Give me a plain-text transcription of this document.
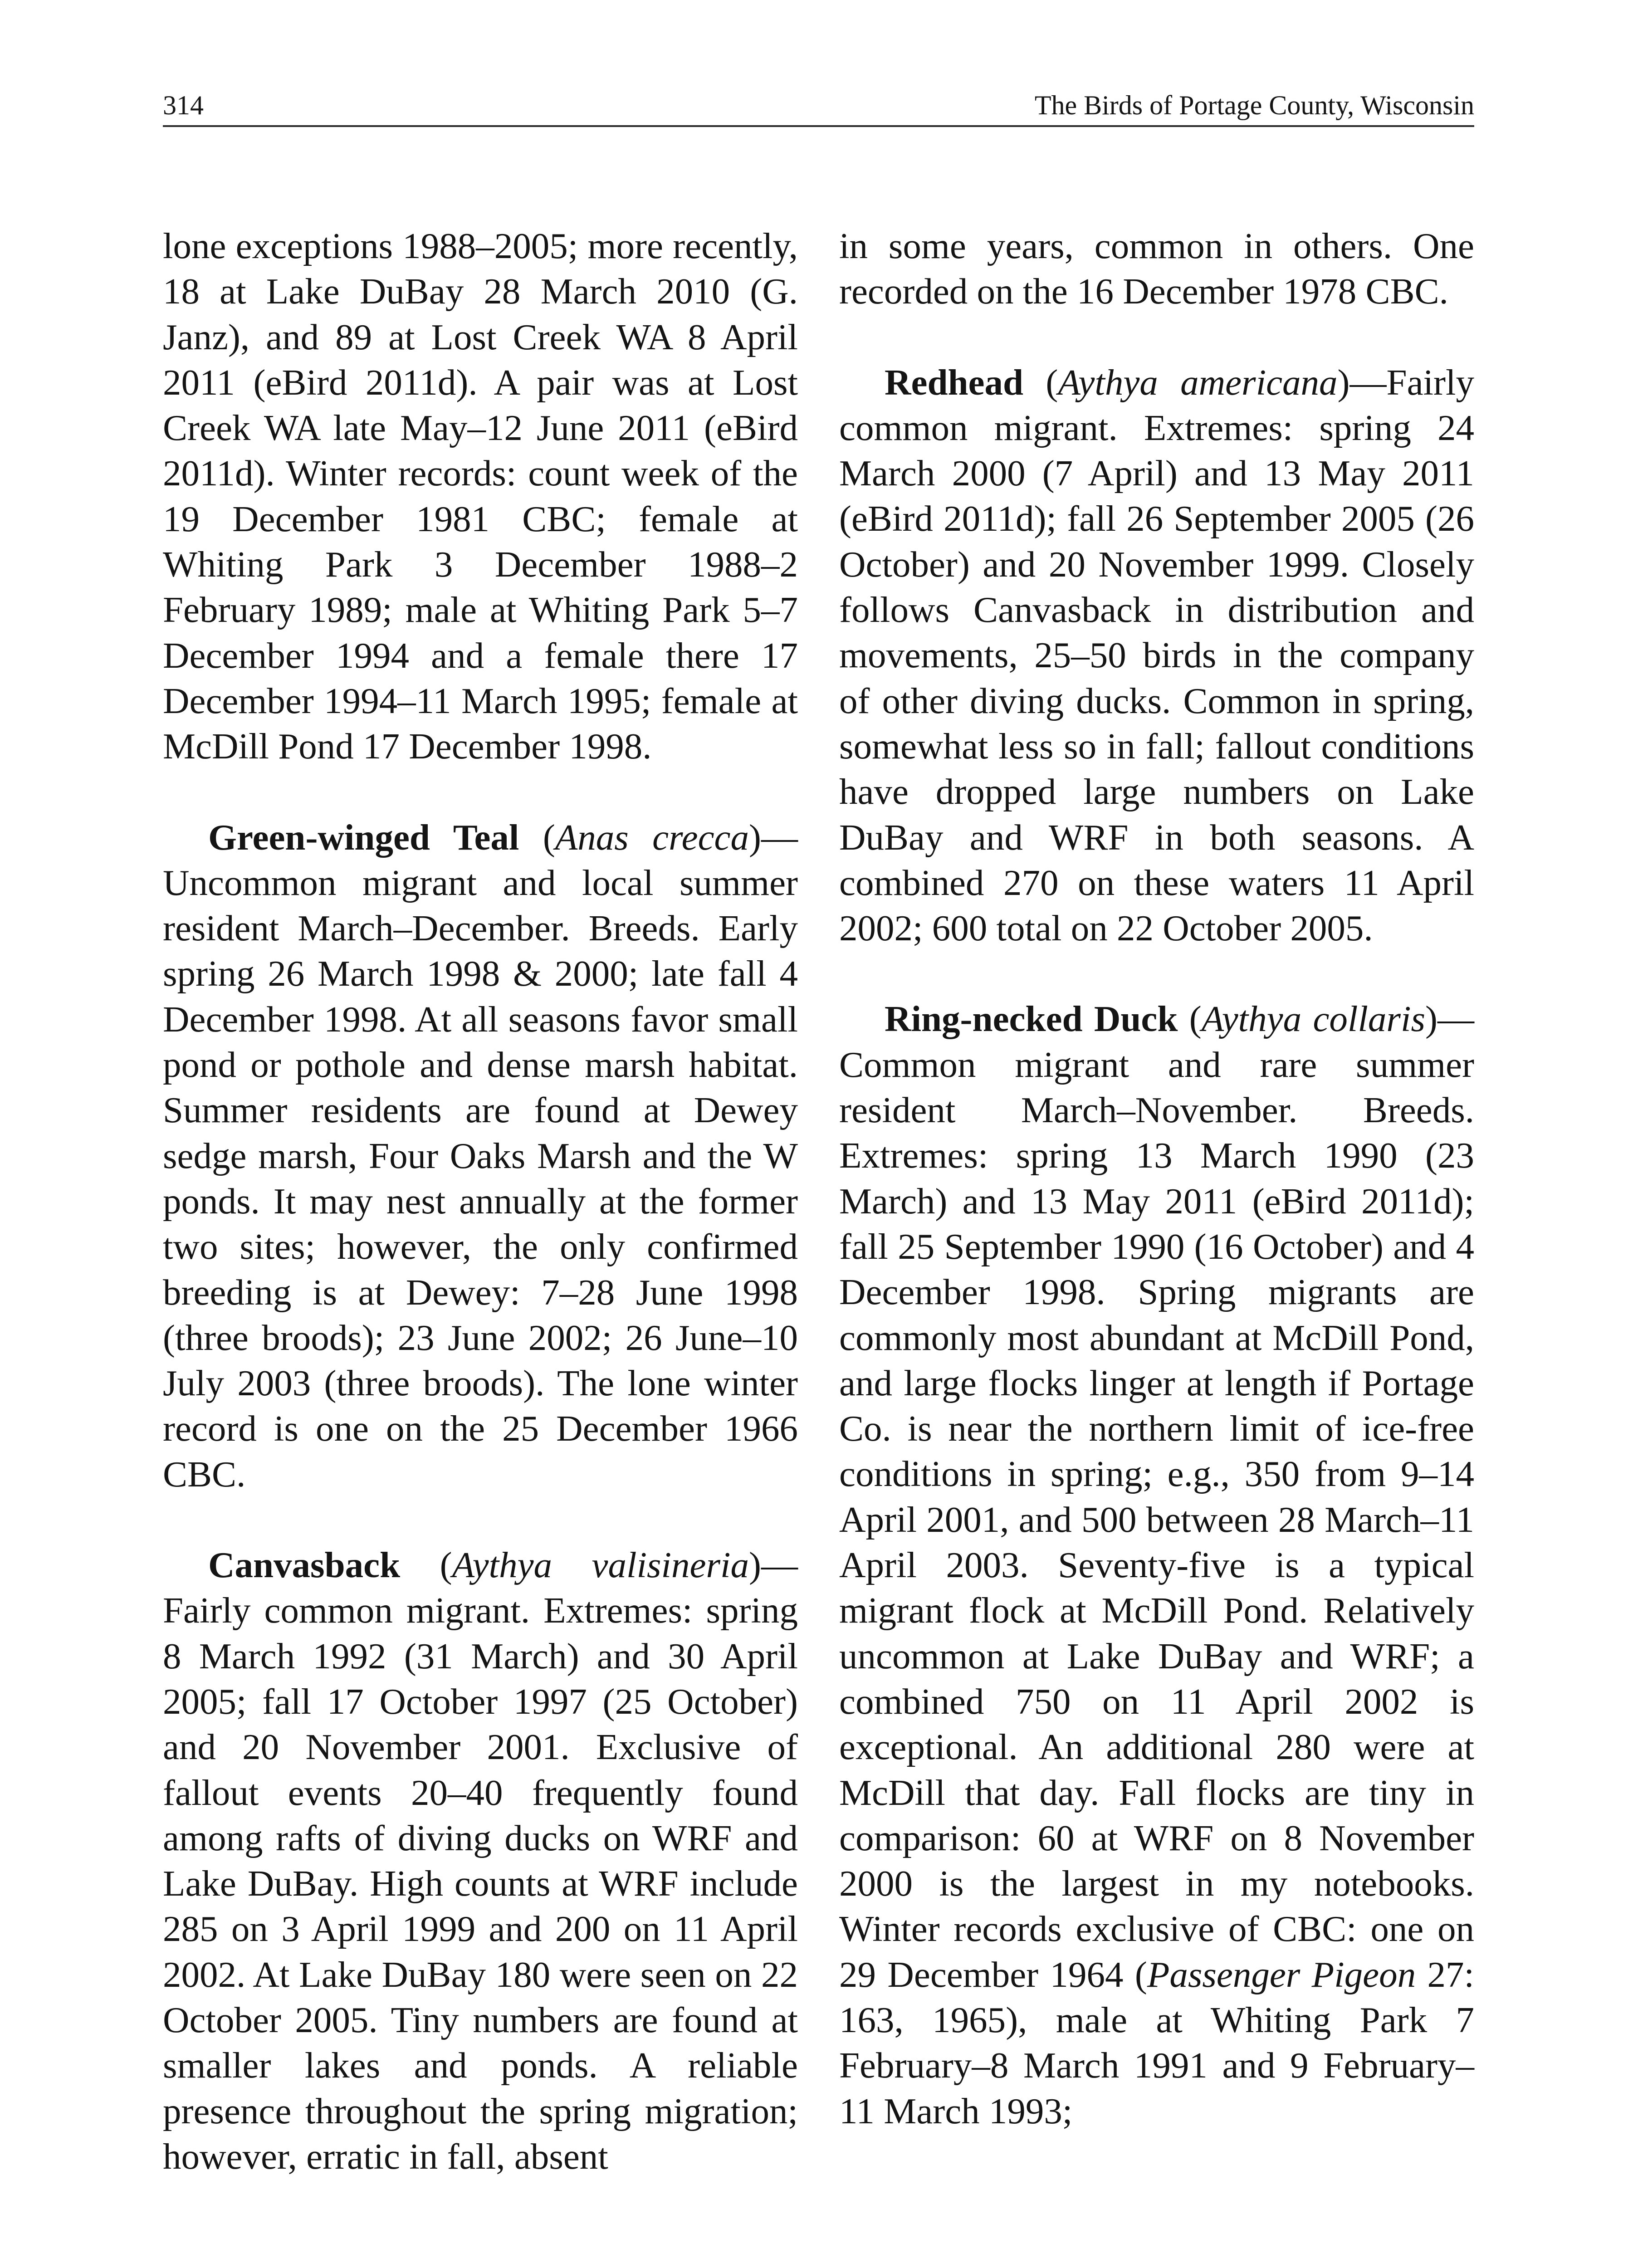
314	The Birds of Portage County, Wisconsin

lone exceptions 1988–2005; more recently, 18 at Lake DuBay 28 March 2010 (G. Janz), and 89 at Lost Creek WA 8 April 2011 (eBird 2011d). A pair was at Lost Creek WA late May–12 June 2011 (eBird 2011d). Winter records: count week of the 19 December 1981 CBC; female at Whiting Park 3 December 1988–2 February 1989; male at Whiting Park 5–7 December 1994 and a female there 17 December 1994–11 March 1995; female at McDill Pond 17 December 1998.

Green-winged Teal (Anas crecca)—Uncommon migrant and local summer resident March–December. Breeds. Early spring 26 March 1998 & 2000; late fall 4 December 1998. At all seasons favor small pond or pothole and dense marsh habitat. Summer residents are found at Dewey sedge marsh, Four Oaks Marsh and the W ponds. It may nest annually at the former two sites; however, the only confirmed breeding is at Dewey: 7–28 June 1998 (three broods); 23 June 2002; 26 June–10 July 2003 (three broods). The lone winter record is one on the 25 December 1966 CBC.

Canvasback (Aythya valisineria)—Fairly common migrant. Extremes: spring 8 March 1992 (31 March) and 30 April 2005; fall 17 October 1997 (25 October) and 20 November 2001. Exclusive of fallout events 20–40 frequently found among rafts of diving ducks on WRF and Lake DuBay. High counts at WRF include 285 on 3 April 1999 and 200 on 11 April 2002. At Lake DuBay 180 were seen on 22 October 2005. Tiny numbers are found at smaller lakes and ponds. A reliable presence throughout the spring migration; however, erratic in fall, absent

in some years, common in others. One recorded on the 16 December 1978 CBC.

Redhead (Aythya americana)—Fairly common migrant. Extremes: spring 24 March 2000 (7 April) and 13 May 2011 (eBird 2011d); fall 26 September 2005 (26 October) and 20 November 1999. Closely follows Canvasback in distribution and movements, 25–50 birds in the company of other diving ducks. Common in spring, somewhat less so in fall; fallout conditions have dropped large numbers on Lake DuBay and WRF in both seasons. A combined 270 on these waters 11 April 2002; 600 total on 22 October 2005.

Ring-necked Duck (Aythya collaris)—Common migrant and rare summer resident March–November. Breeds. Extremes: spring 13 March 1990 (23 March) and 13 May 2011 (eBird 2011d); fall 25 September 1990 (16 October) and 4 December 1998. Spring migrants are commonly most abundant at McDill Pond, and large flocks linger at length if Portage Co. is near the northern limit of ice-free conditions in spring; e.g., 350 from 9–14 April 2001, and 500 between 28 March–11 April 2003. Seventy-five is a typical migrant flock at McDill Pond. Relatively uncommon at Lake DuBay and WRF; a combined 750 on 11 April 2002 is exceptional. An additional 280 were at McDill that day. Fall flocks are tiny in comparison: 60 at WRF on 8 November 2000 is the largest in my notebooks. Winter records exclusive of CBC: one on 29 December 1964 (Passenger Pigeon 27: 163, 1965), male at Whiting Park 7 February–8 March 1991 and 9 February–11 March 1993;
